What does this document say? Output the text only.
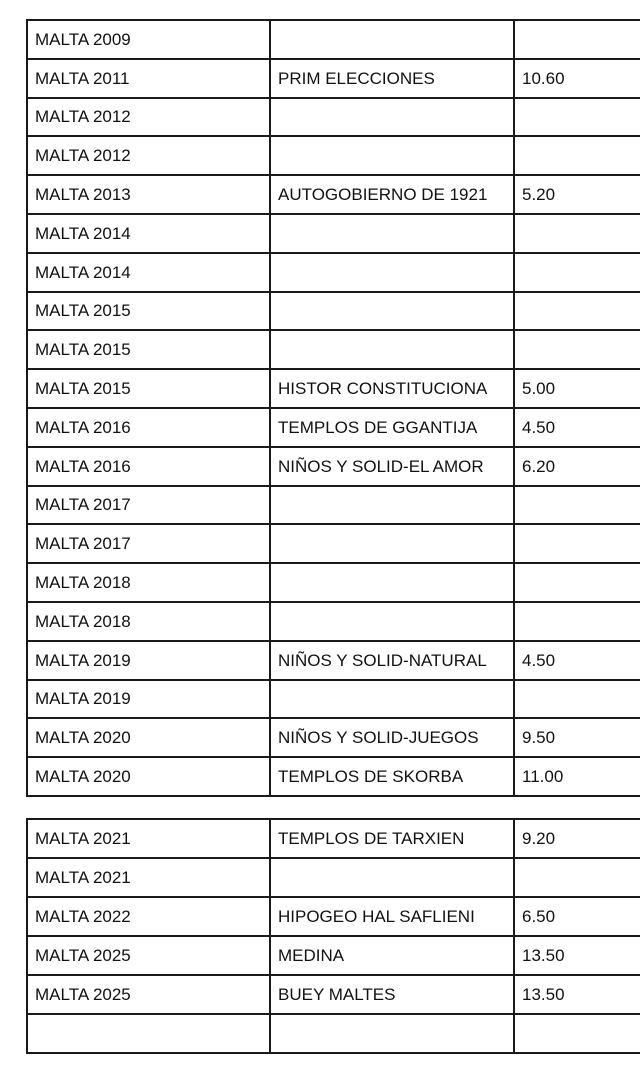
MALTA 2009		
MALTA 2011	PRIM ELECCIONES	10.60
MALTA 2012		
MALTA 2012		
MALTA 2013	AUTOGOBIERNO DE 1921	5.20
MALTA 2014		
MALTA 2014		
MALTA 2015		
MALTA 2015		
MALTA 2015	HISTOR CONSTITUCIONA	5.00
MALTA 2016	TEMPLOS DE GGANTIJA	4.50
MALTA 2016	NIÑOS Y SOLID-EL AMOR	6.20
MALTA 2017		
MALTA 2017		
MALTA 2018		
MALTA 2018		
MALTA 2019	NIÑOS Y SOLID-NATURAL	4.50
MALTA 2019		
MALTA 2020	NIÑOS Y SOLID-JUEGOS	9.50
MALTA 2020	TEMPLOS DE SKORBA	11.00
MALTA 2021	TEMPLOS DE TARXIEN	9.20
MALTA 2021		
MALTA 2022	HIPOGEO HAL SAFLIENI	6.50
MALTA 2025	MEDINA	13.50
MALTA 2025	BUEY MALTES	13.50
